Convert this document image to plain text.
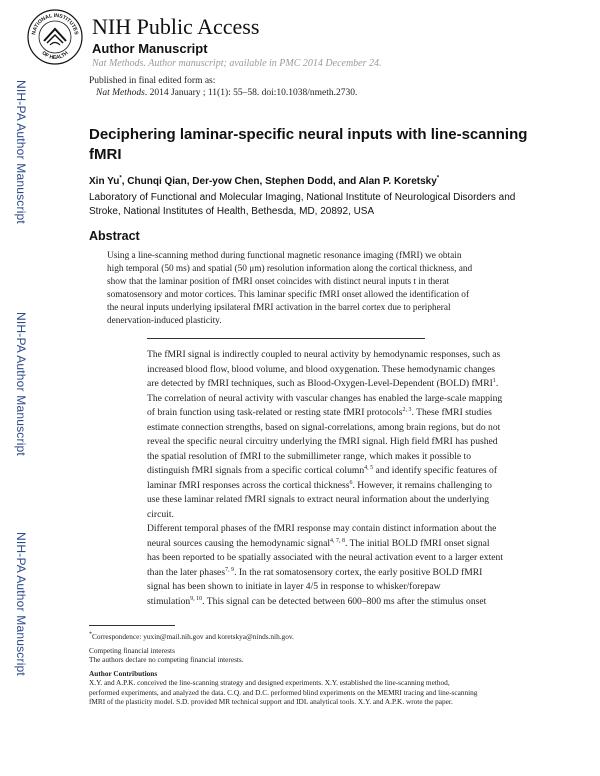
NIH-PA Author Manuscript
NIH-PA Author Manuscript
NIH-PA Author Manuscript
NATIONAL INSTITUTES
OF HEALTH
NIH Public Access
Author Manuscript
Nat Methods. Author manuscript; available in PMC 2014 December 24.
Published in final edited form as:
Nat Methods. 2014 January ; 11(1): 55–58. doi:10.1038/nmeth.2730.
Deciphering laminar-specific neural inputs with line-scanning
fMRI
Xin Yu*, Chunqi Qian, Der-yow Chen, Stephen Dodd, and Alan P. Koretsky*
Laboratory of Functional and Molecular Imaging, National Institute of Neurological Disorders and
Stroke, National Institutes of Health, Bethesda, MD, 20892, USA
Abstract
Using a line-scanning method during functional magnetic resonance imaging (fMRI) we obtain
high temporal (50 ms) and spatial (50 μm) resolution information along the cortical thickness, and
show that the laminar position of fMRI onset coincides with distinct neural inputs t in therat
somatosensory and motor cortices. This laminar specific fMRI onset allowed the identification of
the neural inputs underlying ipsilateral fMRI activation in the barrel cortex due to peripheral
denervation-induced plasticity.
The fMRI signal is indirectly coupled to neural activity by hemodynamic responses, such as
increased blood flow, blood volume, and blood oxygenation. These hemodynamic changes
are detected by fMRI techniques, such as Blood-Oxygen-Level-Dependent (BOLD) fMRI$^1$.
The correlation of neural activity with vascular changes has enabled the large-scale mapping
of brain function using task-related or resting state fMRI protocols$^{2, 3}$. These fMRI studies
estimate connection strengths, based on signal-correlations, among brain regions, but do not
reveal the specific neural circuitry underlying the fMRI signal. High field fMRI has pushed
the spatial resolution of fMRI to the submillimeter range, which makes it possible to
distinguish fMRI signals from a specific cortical column$^{4, 5}$ and identify specific features of
laminar fMRI responses across the cortical thickness$^6$. However, it remains challenging to
use these laminar related fMRI signals to extract neural information about the underlying
circuit.
Different temporal phases of the fMRI response may contain distinct information about the
neural sources causing the hemodynamic signal$^{4, 7, 8}$. The initial BOLD fMRI onset signal
has been reported to be spatially associated with the neural activation event to a larger extent
than the later phases$^{7, 9}$. In the rat somatosensory cortex, the early positive BOLD fMRI
signal has been shown to initiate in layer 4/5 in response to whisker/forepaw
stimulation$^{9, 10}$. This signal can be detected between 600–800 ms after the stimulus onset
*Correspondence: yuxin@mail.nih.gov and koretskya@ninds.nih.gov.
Competing financial interests
The authors declare no competing financial interests.
Author Contributions
X.Y. and A.P.K. conceived the line-scanning strategy and designed experiments. X.Y. established the line-scanning method,
performed experiments, and analyzed the data. C.Q. and D.C. performed blind experiments on the MEMRI tracing and line-scanning
fMRI of the plasticity model. S.D. provided MR technical support and IDL analytical tools. X.Y. and A.P.K. wrote the paper.
